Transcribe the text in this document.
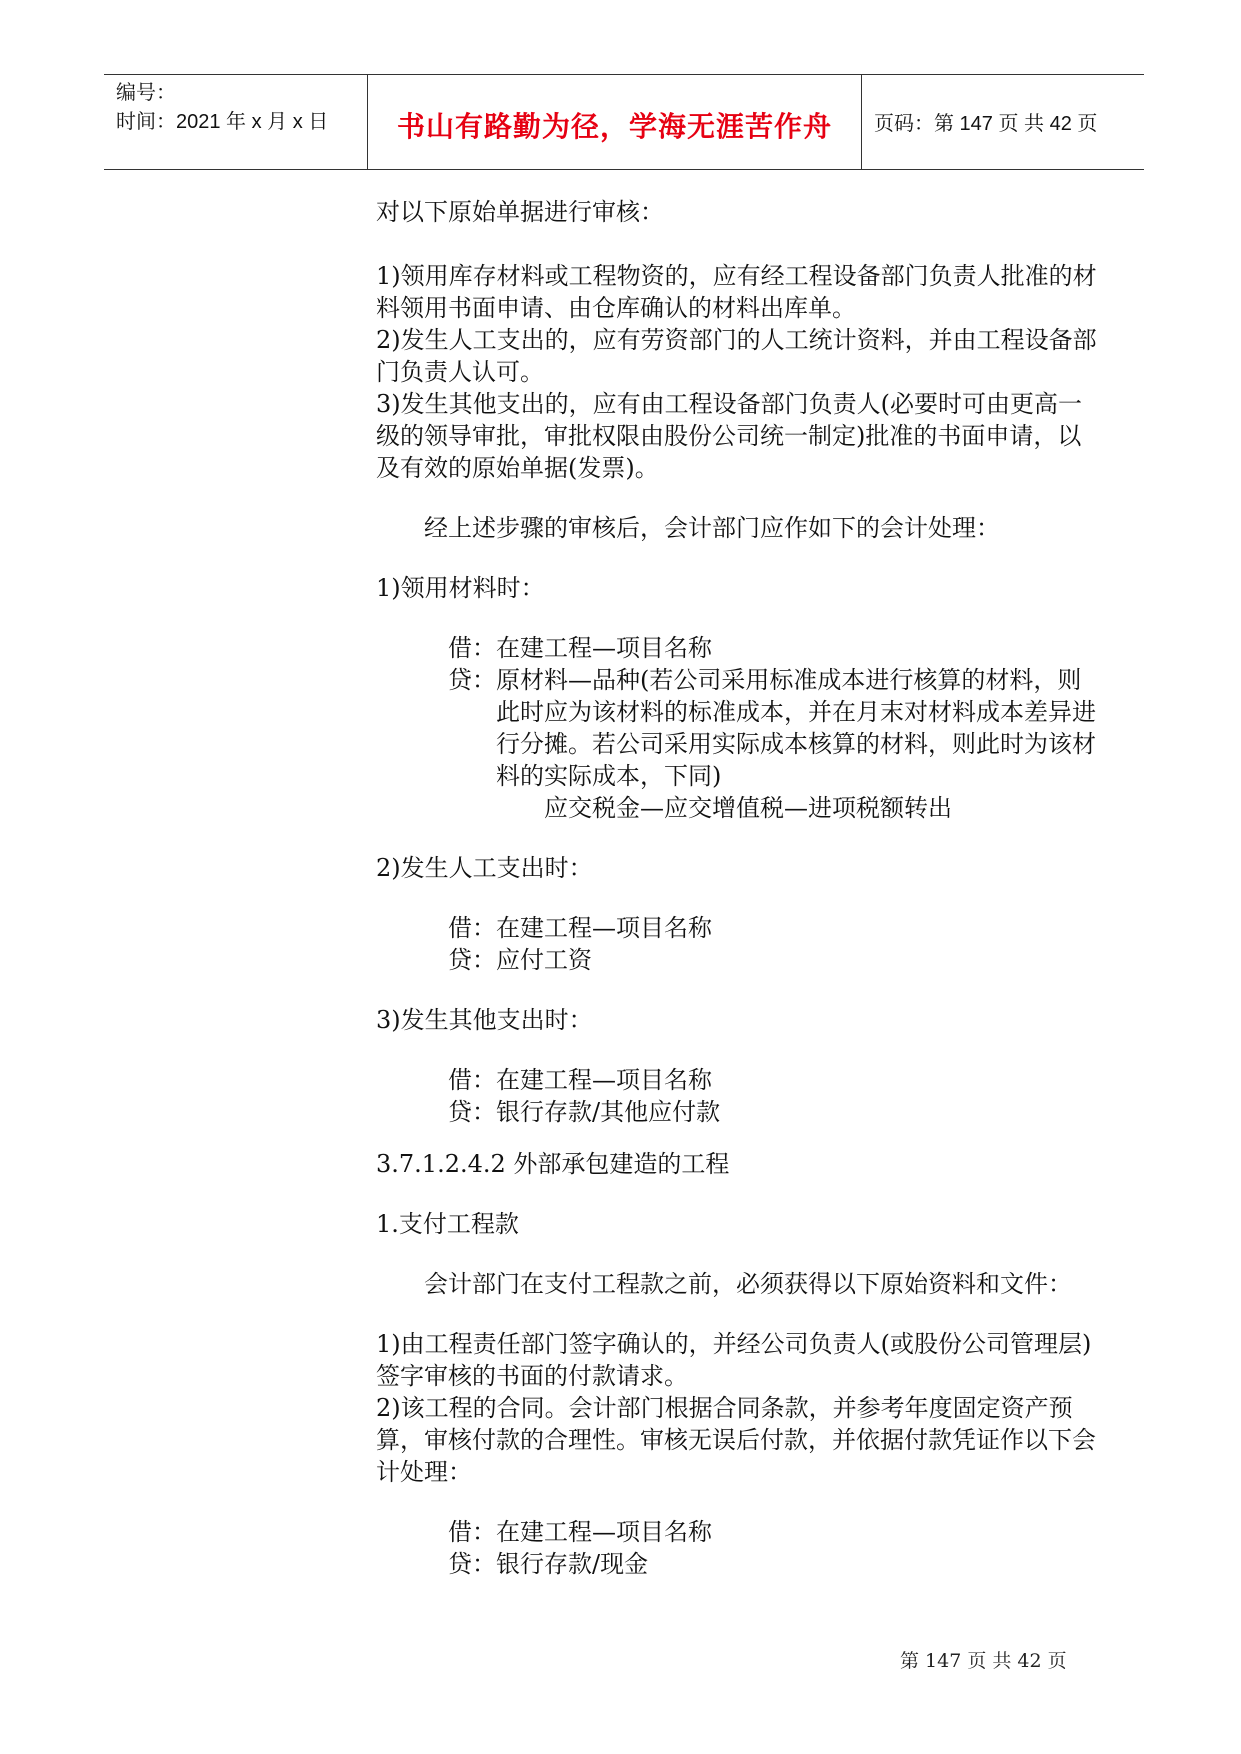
编号：
时间：2021 年 x 月 x 日	书山有路勤为径，学海无涯苦作舟	页码：第 147 页 共 42 页

对以下原始单据进行审核：

1)领用库存材料或工程物资的，应有经工程设备部门负责人批准的材料领用书面申请、由仓库确认的材料出库单。

2)发生人工支出的，应有劳资部门的人工统计资料，并由工程设备部门负责人认可。

3)发生其他支出的，应有由工程设备部门负责人(必要时可由更高一级的领导审批，审批权限由股份公司统一制定)批准的书面申请，以及有效的原始单据(发票)。

经上述步骤的审核后，会计部门应作如下的会计处理：

1)领用材料时：

借：在建工程—项目名称

贷：原材料—品种(若公司采用标准成本进行核算的材料，则此时应为该材料的标准成本，并在月末对材料成本差异进行分摊。若公司采用实际成本核算的材料，则此时为该材料的实际成本，下同)

应交税金—应交增值税—进项税额转出

2)发生人工支出时：

借：在建工程—项目名称

贷：应付工资

3)发生其他支出时：

借：在建工程—项目名称

贷：银行存款/其他应付款

3.7.1.2.4.2 外部承包建造的工程

1.支付工程款

会计部门在支付工程款之前，必须获得以下原始资料和文件：

1)由工程责任部门签字确认的，并经公司负责人(或股份公司管理层)签字审核的书面的付款请求。

2)该工程的合同。会计部门根据合同条款，并参考年度固定资产预算，审核付款的合理性。审核无误后付款，并依据付款凭证作以下会计处理：

借：在建工程—项目名称

贷：银行存款/现金

第 147 页 共 42 页
